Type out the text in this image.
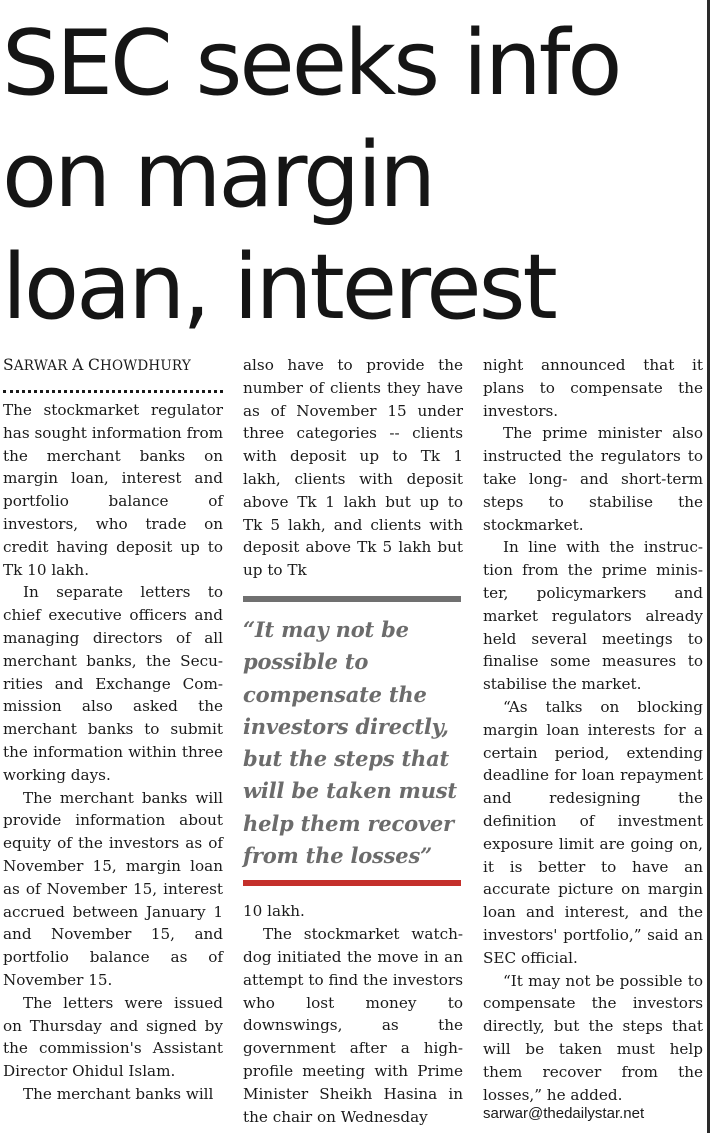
SEC seeks info
on margin
loan, interest
SARWAR A CHOWDHURY

The stockmarket regulator has sought information from the merchant banks on margin loan, interest and portfolio balance of investors, who trade on credit having deposit up to Tk 10 lakh.

In separate letters to chief executive officers and managing directors of all merchant banks, the Securities and Exchange Commission also asked the merchant banks to submit the information within three working days.

The merchant banks will provide information about equity of the investors as of November 15, margin loan as of November 15, interest accrued between January 1 and November 15, and portfolio balance as of November 15.

The letters were issued on Thursday and signed by the commission's Assistant Director Ohidul Islam.

The merchant banks will

also have to provide the number of clients they have as of November 15 under three categories -- clients with deposit up to Tk 1 lakh, clients with deposit above Tk 1 lakh but up to Tk 5 lakh, and clients with deposit above Tk 5 lakh but up to Tk

“It may not be possible to compensate the investors directly, but the steps that will be taken must help them recover from the losses”

10 lakh.

The stockmarket watchdog initiated the move in an attempt to find the investors who lost money to downswings, as the government after a high-profile meeting with Prime Minister Sheikh Hasina in the chair on Wednesday

night announced that it plans to compensate the investors.

The prime minister also instructed the regulators to take long- and short-term steps to stabilise the stockmarket.

In line with the instruction from the prime minister, policymarkers and market regulators already held several meetings to finalise some measures to stabilise the market.

“As talks on blocking margin loan interests for a certain period, extending deadline for loan repayment and redesigning the definition of investment exposure limit are going on, it is better to have an accurate picture on margin loan and interest, and the investors' portfolio,” said an SEC official.

“It may not be possible to compensate the investors directly, but the steps that will be taken must help them recover from the losses,” he added.

sarwar@thedailystar.net
